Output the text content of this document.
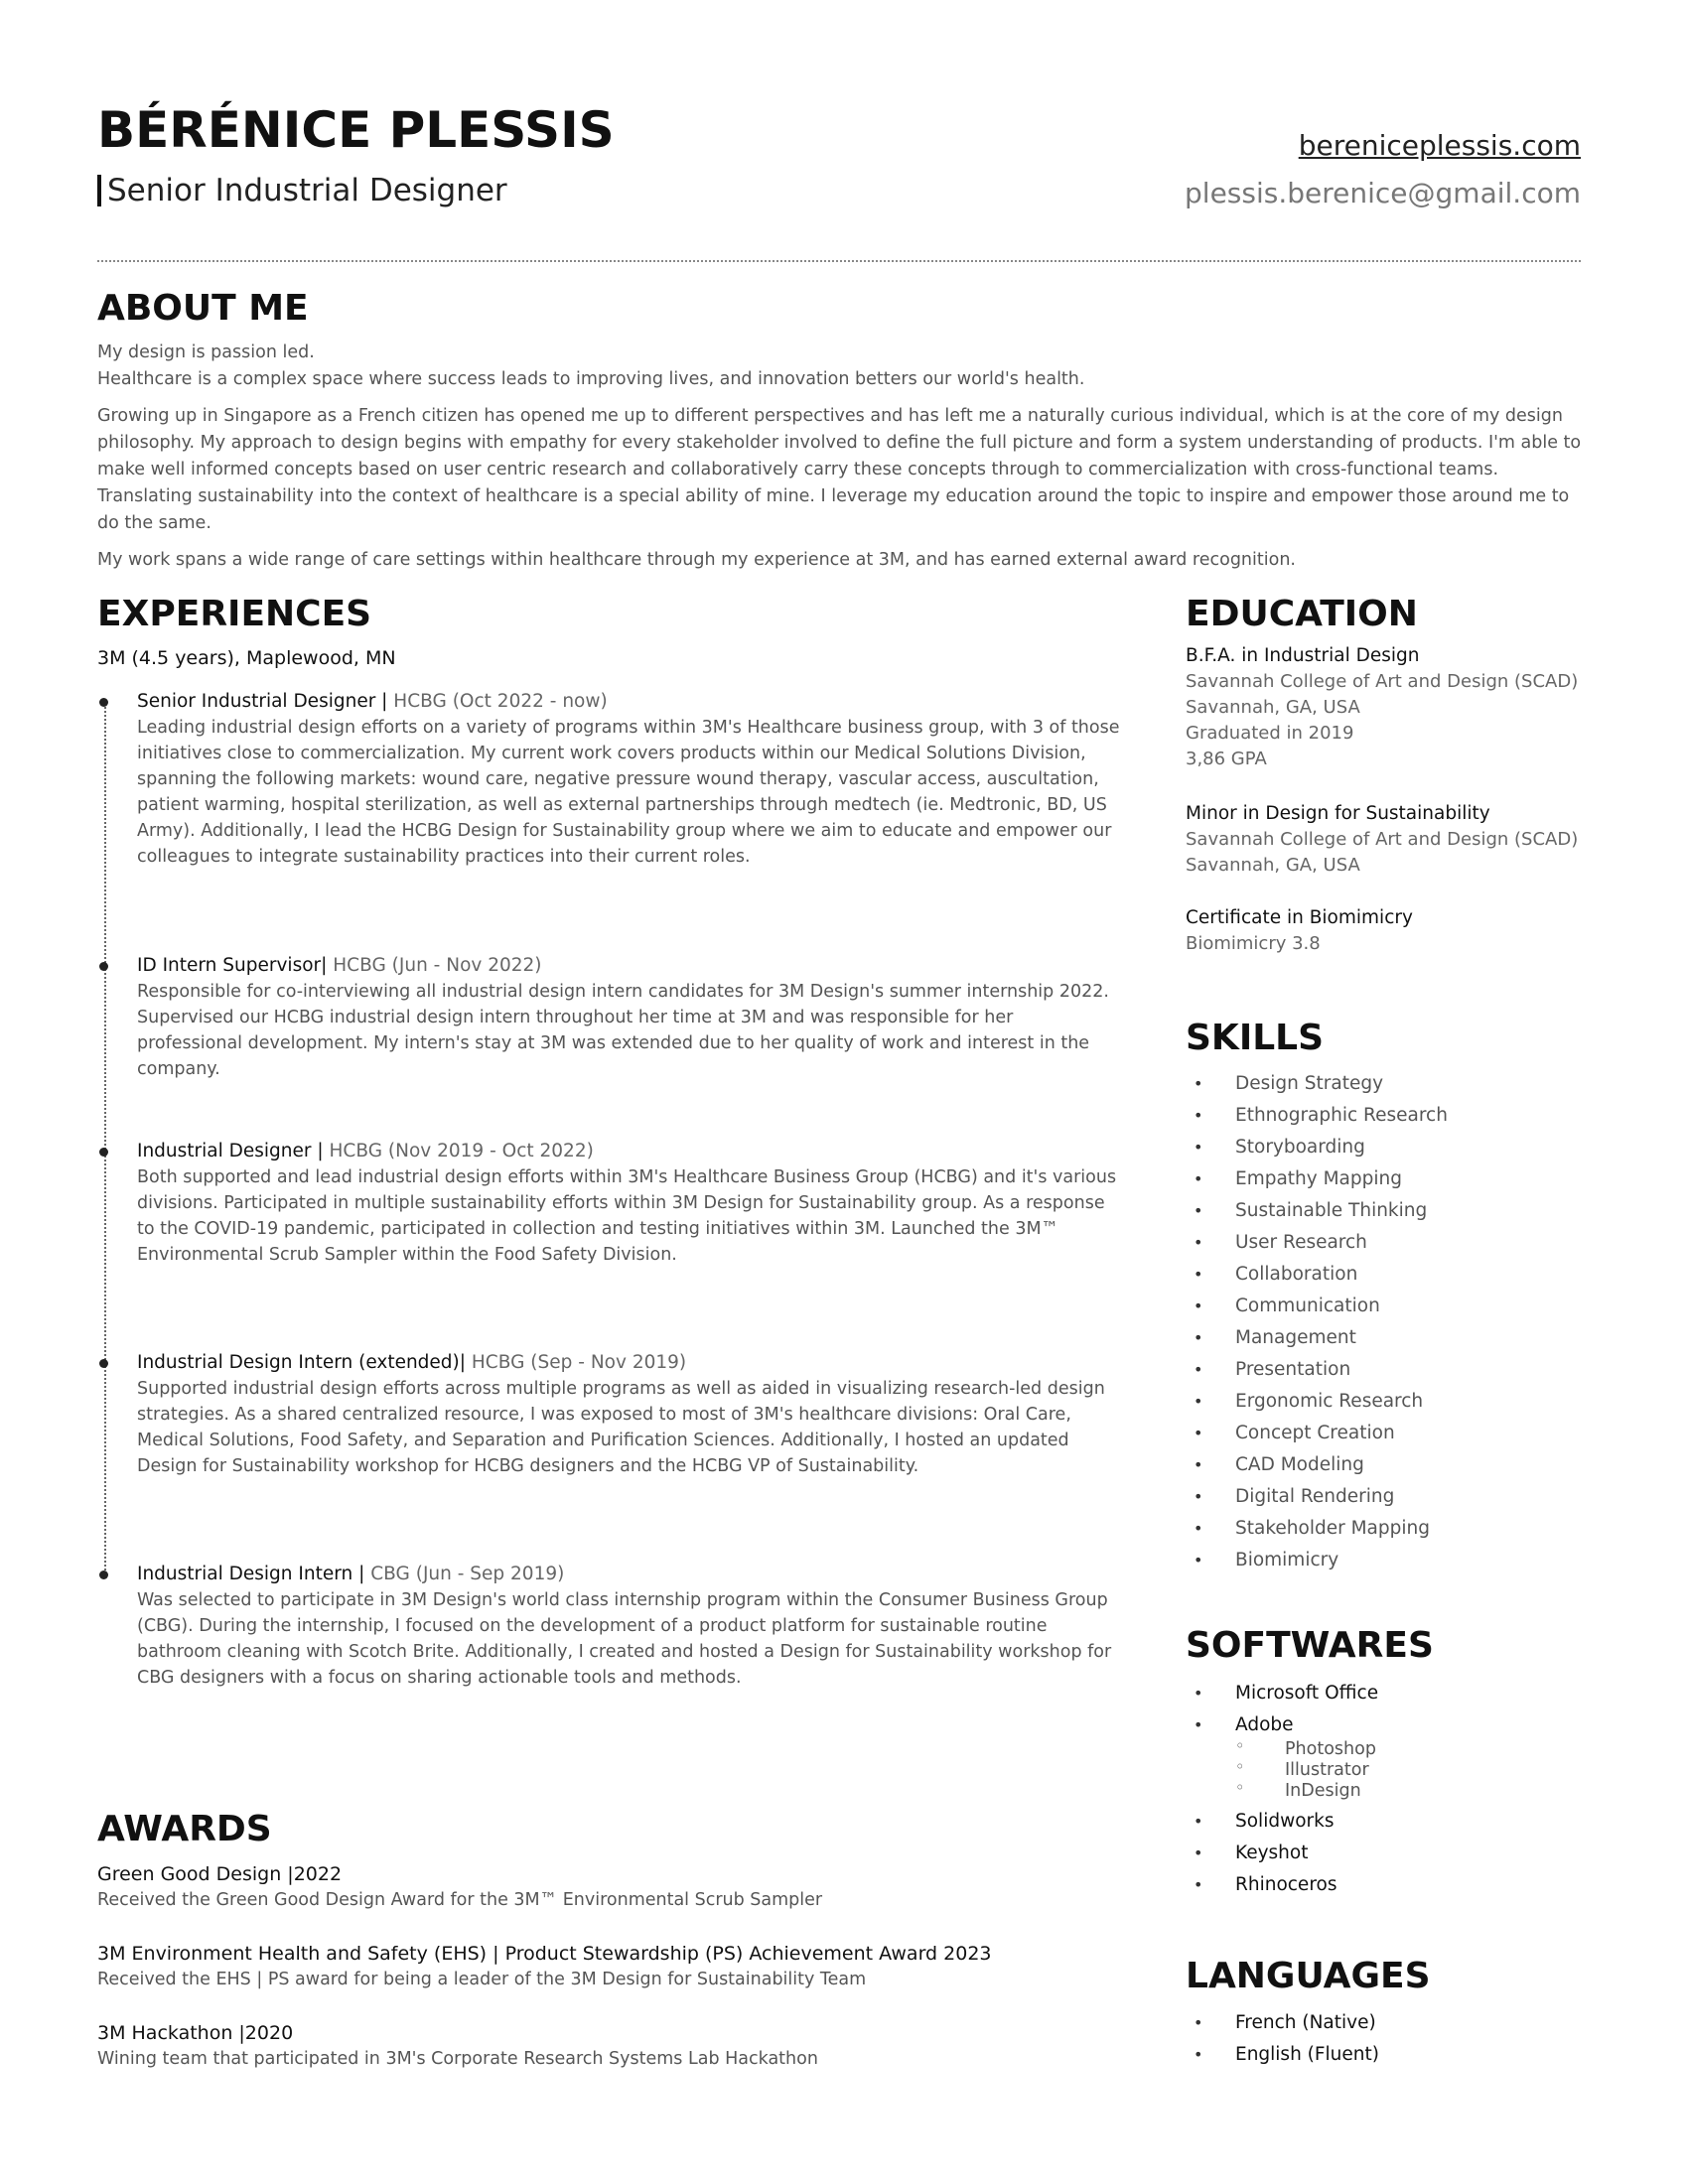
BÉRÉNICE PLESSIS
Senior Industrial Designer
bereniceplessis.com
plessis.berenice@gmail.com
ABOUT ME

My design is passion led.

Healthcare is a complex space where success leads to improving lives, and innovation betters our world's health.

Growing up in Singapore as a French citizen has opened me up to different perspectives and has left me a naturally curious individual, which is at the core of my design philosophy. My approach to design begins with empathy for every stakeholder involved to define the full picture and form a system understanding of products. I'm able to make well informed concepts based on user centric research and collaboratively carry these concepts through to commercialization with cross-functional teams.

Translating sustainability into the context of healthcare is a special ability of mine. I leverage my education around the topic to inspire and empower those around me to do the same.

My work spans a wide range of care settings within healthcare through my experience at 3M, and has earned external award recognition.

EXPERIENCES
3M (4.5 years), Maplewood, MN
Senior Industrial Designer | HCBG (Oct 2022 - now)
Leading industrial design efforts on a variety of programs within 3M's Healthcare business group, with 3 of those initiatives close to commercialization. My current work covers products within our Medical Solutions Division, spanning the following markets: wound care, negative pressure wound therapy, vascular access, auscultation, patient warming, hospital sterilization, as well as external partnerships through medtech (ie. Medtronic, BD, US Army). Additionally, I lead the HCBG Design for Sustainability group where we aim to educate and empower our colleagues to integrate sustainability practices into their current roles.
ID Intern Supervisor| HCBG (Jun - Nov 2022)
Responsible for co-interviewing all industrial design intern candidates for 3M Design's summer internship 2022. Supervised our HCBG industrial design intern throughout her time at 3M and was responsible for her professional development. My intern's stay at 3M was extended due to her quality of work and interest in the company.
Industrial Designer | HCBG (Nov 2019 - Oct 2022)
Both supported and lead industrial design efforts within 3M's Healthcare Business Group (HCBG) and it's various divisions. Participated in multiple sustainability efforts within 3M Design for Sustainability group. As a response to the COVID-19 pandemic, participated in collection and testing initiatives within 3M. Launched the 3M™ Environmental Scrub Sampler within the Food Safety Division.
Industrial Design Intern (extended)| HCBG (Sep - Nov 2019)
Supported industrial design efforts across multiple programs as well as aided in visualizing research-led design strategies. As a shared centralized resource, I was exposed to most of 3M's healthcare divisions: Oral Care, Medical Solutions, Food Safety, and Separation and Purification Sciences. Additionally, I hosted an updated Design for Sustainability workshop for HCBG designers and the HCBG VP of Sustainability.
Industrial Design Intern | CBG (Jun - Sep 2019)
Was selected to participate in 3M Design's world class internship program within the Consumer Business Group (CBG). During the internship, I focused on the development of a product platform for sustainable routine bathroom cleaning with Scotch Brite. Additionally, I created and hosted a Design for Sustainability workshop for CBG designers with a focus on sharing actionable tools and methods.
AWARDS
Green Good Design |2022
Received the Green Good Design Award for the 3M™ Environmental Scrub Sampler
3M Environment Health and Safety (EHS) | Product Stewardship (PS) Achievement Award 2023
Received the EHS | PS award for being a leader of the 3M Design for Sustainability Team
3M Hackathon |2020
Wining team that participated in 3M's Corporate Research Systems Lab Hackathon
EDUCATION
B.F.A. in Industrial Design
Savannah College of Art and Design (SCAD)
Savannah, GA, USA
Graduated in 2019
3,86 GPA
Minor in Design for Sustainability
Savannah College of Art and Design (SCAD)
Savannah, GA, USA
Certificate in Biomimicry
Biomimicry 3.8
SKILLS
• Design Strategy
• Ethnographic Research
• Storyboarding
• Empathy Mapping
• Sustainable Thinking
• User Research
• Collaboration
• Communication
• Management
• Presentation
• Ergonomic Research
• Concept Creation
• CAD Modeling
• Digital Rendering
• Stakeholder Mapping
• Biomimicry
SOFTWARES
• Microsoft Office
• Adobe
◦ Photoshop
◦ Illustrator
◦ InDesign
• Solidworks
• Keyshot
• Rhinoceros
LANGUAGES
• French (Native)
• English (Fluent)
